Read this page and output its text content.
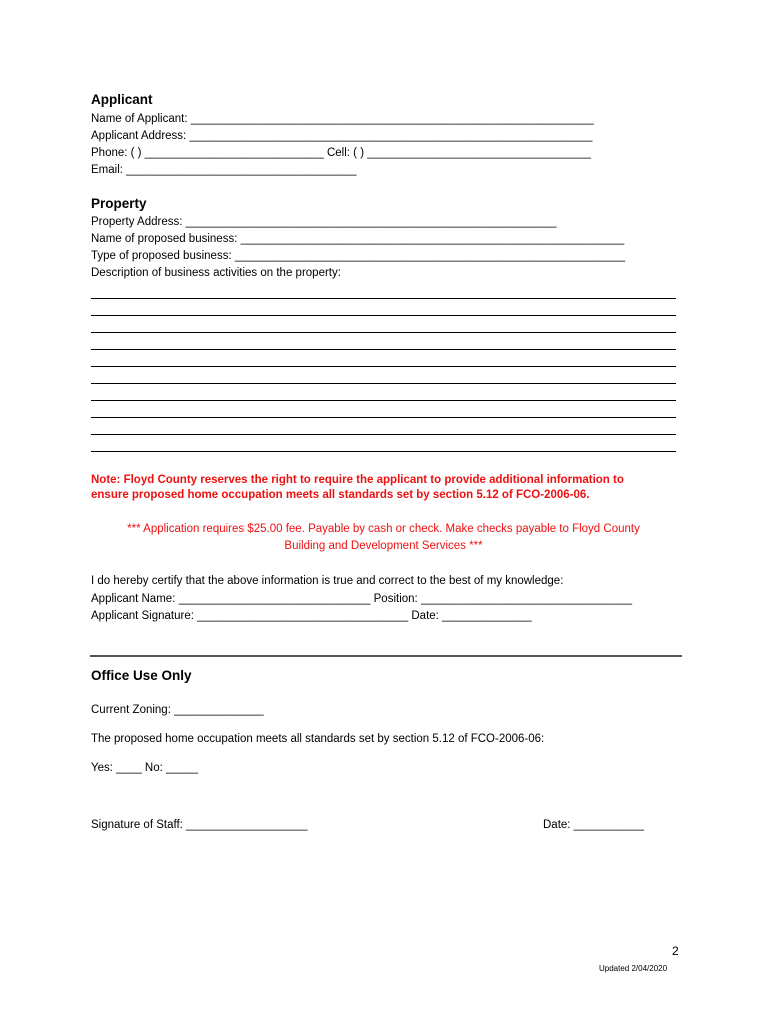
Applicant
Name of Applicant: _______________________________________________________________
Applicant Address: _______________________________________________________________
Phone: ( ) ____________________________ Cell: ( ) ___________________________________
Email: ____________________________________
Property
Property Address: __________________________________________________________
Name of proposed business: ____________________________________________________________
Type of proposed business: _____________________________________________________________
Description of business activities on the property:
Note: Floyd County reserves the right to require the applicant to provide additional information to
ensure proposed home occupation meets all standards set by section 5.12 of FCO-2006-06.
*** Application requires $25.00 fee. Payable by cash or check. Make checks payable to Floyd County
Building and Development Services ***
I do hereby certify that the above information is true and correct to the best of my knowledge:
Applicant Name: ______________________________ Position: _________________________________
Applicant Signature: _________________________________ Date: ______________
Office Use Only
Current Zoning: ______________
The proposed home occupation meets all standards set by section 5.12 of FCO-2006-06:
Yes: ____ No: _____
Signature of Staff: ___________________	Date: ___________
2
Updated 2/04/2020
